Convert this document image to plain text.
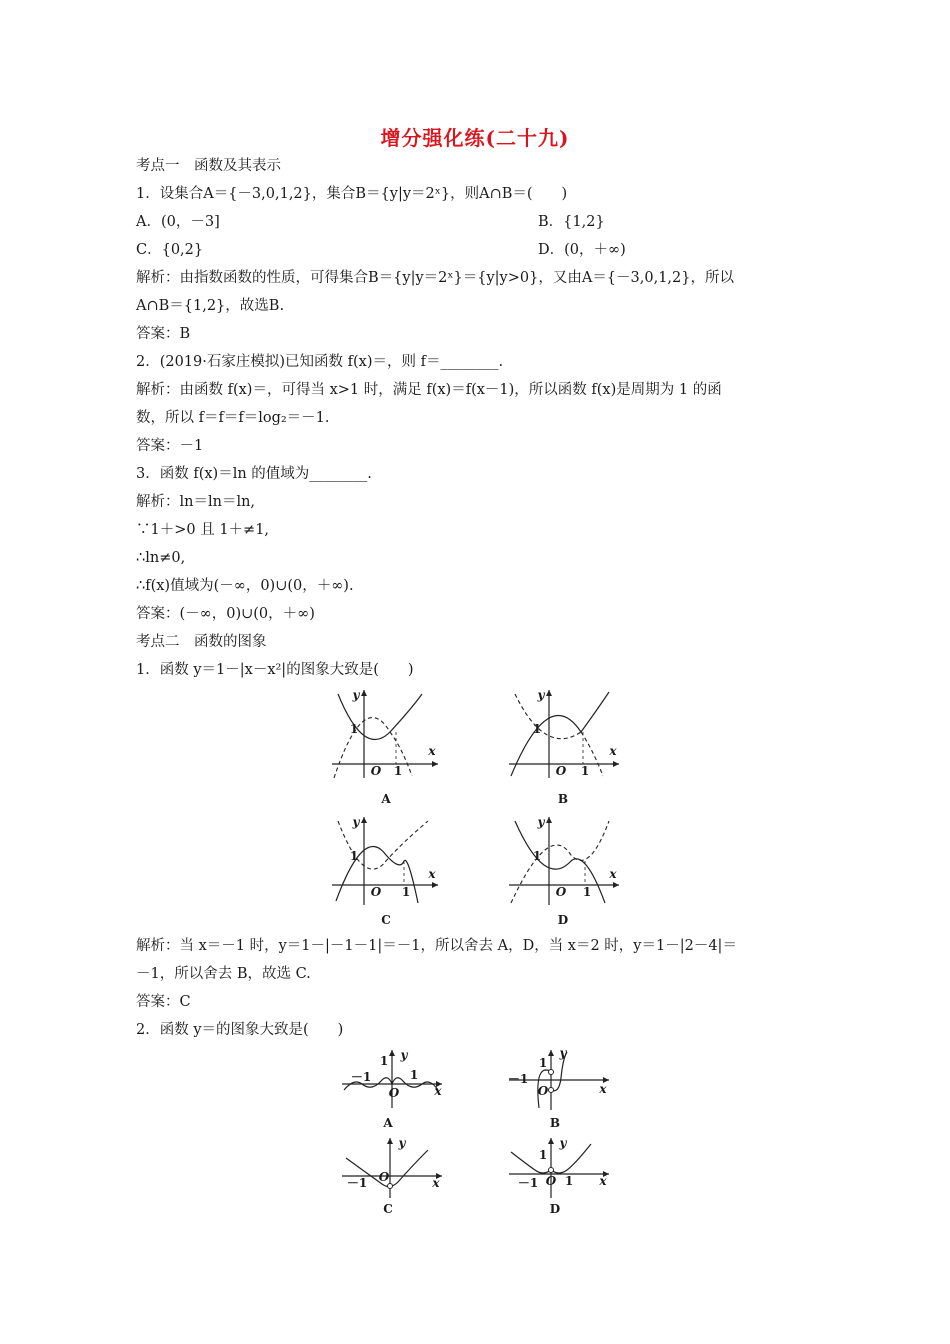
增分强化练(二十九)
考点一　函数及其表示
1．设集合A＝{－3,0,1,2}，集合B＝{y|y＝2ˣ}，则A∩B＝(　　)
A．(0，－3]	B．{1,2}
C．{0,2}	D．(0，＋∞)
解析：由指数函数的性质，可得集合B＝{y|y＝2ˣ}＝{y|y>0}，又由A＝{－3,0,1,2}，所以
A∩B＝{1,2}，故选B.
答案：B
2．(2019·石家庄模拟)已知函数 f(x)＝，则 f＝________.
解析：由函数 f(x)＝，可得当 x>1 时，满足 f(x)＝f(x－1)，所以函数 f(x)是周期为 1 的函
数，所以 f＝f＝f＝log₂＝－1.
答案：－1
3．函数 f(x)＝ln 的值域为________.
解析：ln＝ln＝ln,
∵1＋>0 且 1＋≠1,
∴ln≠0,
∴f(x)值域为(－∞，0)∪(0，＋∞).
答案：(－∞，0)∪(0，＋∞)
考点二　函数的图象
1．函数 y＝1－|x－x²|的图象大致是(　　)
y
x
O	1
1
A
y
x
O	1
1
B
y
x
O	1
1
C
y
x
O	1
1
D
解析：当 x＝－1 时，y＝1－|－1－1|＝－1，所以舍去 A，D，当 x＝2 时，y＝1－|2－4|＝
－1，所以舍去 B，故选 C.
答案：C
2．函数 y＝的图象大致是(　　)
y
x
O
1
－1
1
A
y
x
O
1
－1
B
y
x
O
－1
C
y
x
O
1
1
－1
D
